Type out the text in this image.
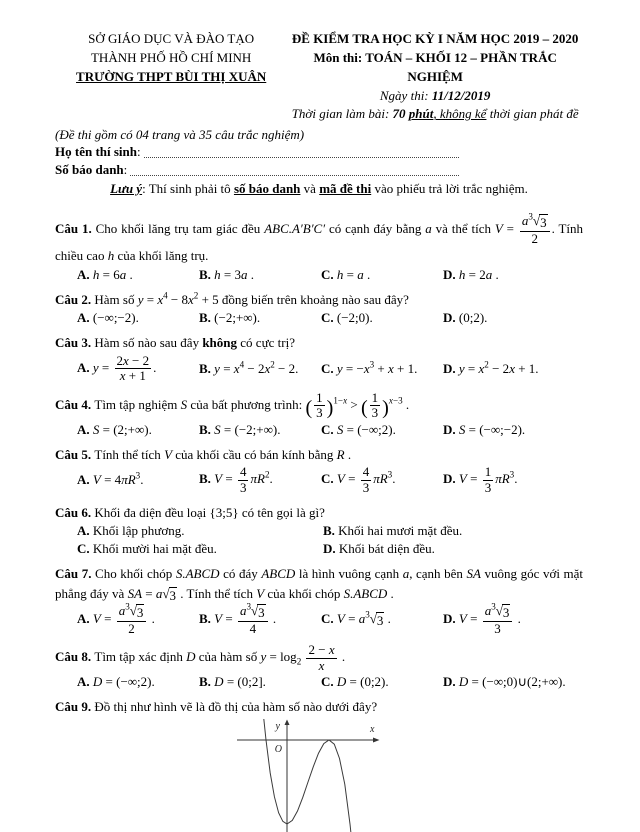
SỞ GIÁO DỤC VÀ ĐÀO TẠO
THÀNH PHỐ HỒ CHÍ MINH
TRƯỜNG THPT BÙI THỊ XUÂN
ĐỀ KIỂM TRA HỌC KỲ I NĂM HỌC 2019 – 2020
Môn thi: TOÁN – KHỐI 12 – PHẦN TRẮC NGHIỆM
Ngày thi: 11/12/2019
Thời gian làm bài: 70 phút, không kể thời gian phát đề
(Đề thi gồm có 04 trang và 35 câu trắc nghiệm)
Họ tên thí sinh :
Số báo danh :
Lưu ý: Thí sinh phải tô số báo danh và mã đề thi vào phiếu trả lời trắc nghiệm.
Câu 1. Cho khối lăng trụ tam giác đều ABC.A′B′C′ có cạnh đáy bằng a và thể tích $V = \frac{a^3 √ 3}{2}$ . Tính chiều cao h của khối lăng trụ.
A. h = 6a .	B. h = 3a .	C. h = a .	D. h = 2a .
Câu 2. Hàm số $y = x^4 - 8x^2 + 5$ đồng biến trên khoảng nào sau đây?
A. (−∞;−2).	B. (−2;+∞).	C. (−2;0).	D. (0;2).
Câu 3. Hàm số nào sau đây không có cực trị?
A. $y = \frac{2x - 2}{x + 1}$ .	B. $y = x^4 - 2x^2 - 2$.	C. $y = -x^3 + x + 1$.	D. $y = x^2 - 2x + 1$.
Câu 4. Tìm tập nghiệm S của bất phương trình: ( $\frac{1}{3} )^{1-x}$ > ( $\frac{1}{3} )^{x-3}$ .
A. S = (2;+∞).	B. S = (−2;+∞).	C. S = (−∞;2).	D. S = (−∞;−2).
Câu 5. Tính thể tích V của khối cầu có bán kính bằng R .
A. $V = 4\pi R^3$.	B. $V = \frac{4}{3} \pi R^2$.	C. $V = \frac{4}{3} \pi R^3$.	D. $V = \frac{1}{3} \pi R^3$.
Câu 6. Khối đa diện đều loại {3;5} có tên gọi là gì?
A. Khối lập phương.	B. Khối hai mươi mặt đều.
C. Khối mười hai mặt đều.	D. Khối bát diện đều.
Câu 7. Cho khối chóp S.ABCD có đáy ABCD là hình vuông cạnh a, cạnh bên SA vuông góc với mặt phẳng đáy và SA = a √ 3 . Tính thể tích V của khối chóp S.ABCD .
A. $V = \frac{a^3 √ 3}{2}$ .	B. $V = \frac{a^3 √ 3}{4}$ .	C. $V = a^3$ √ 3 .	D. $V = \frac{a^3 √ 3}{3}$ .
Câu 8. Tìm tập xác định D của hàm số $y = \log_2 \frac{2 - x}{x}$ .
A. D = (−∞;2).	B. D = (0;2].	C. D = (0;2).	D. D = (−∞;0)∪(2;+∞).
Câu 9. Đồ thị như hình vẽ là đồ thị của hàm số nào dưới đây?
y	x
O
